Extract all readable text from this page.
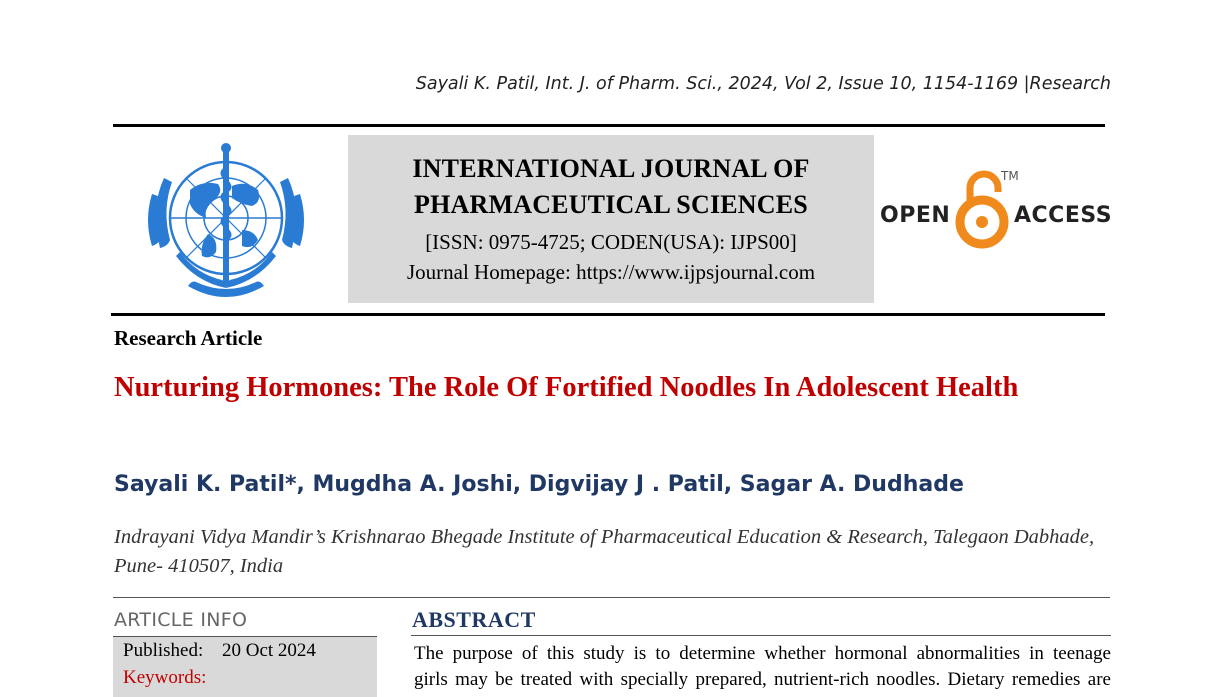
Sayali K. Patil, Int. J. of Pharm. Sci., 2024, Vol 2, Issue 10, 1154-1169 |Research
INTERNATIONAL JOURNAL OF
PHARMACEUTICAL SCIENCES
[ISSN: 0975-4725; CODEN(USA): IJPS00]
Journal Homepage: https://www.ijpsjournal.com
OPEN
TM
ACCESS
Research Article
Nurturing Hormones: The Role Of Fortified Noodles In Adolescent Health
Sayali K. Patil*, Mugdha A. Joshi, Digvijay J . Patil, Sagar A. Dudhade
Indrayani Vidya Mandir’s Krishnarao Bhegade Institute of Pharmaceutical Education & Research, Talegaon Dabhade, Pune- 410507, India
ARTICLE INFO
Published: 20 Oct 2024
Keywords:
ABSTRACT
The purpose of this study is to determine whether hormonal abnormalities in teenage
girls may be treated with specially prepared, nutrient-rich noodles. Dietary remedies are
